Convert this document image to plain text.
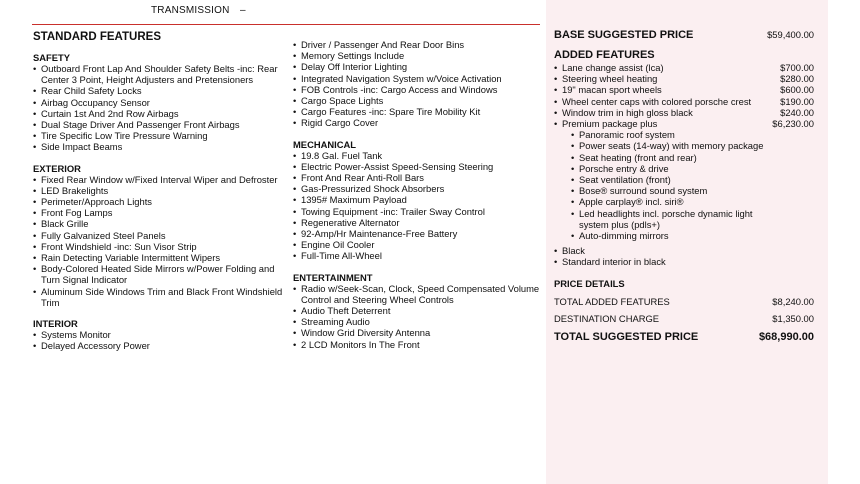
TRANSMISSION –
STANDARD FEATURES
SAFETY
• Outboard Front Lap And Shoulder Safety Belts -inc: Rear Center 3 Point, Height Adjusters and Pretensioners
• Rear Child Safety Locks
• Airbag Occupancy Sensor
• Curtain 1st And 2nd Row Airbags
• Dual Stage Driver And Passenger Front Airbags
• Tire Specific Low Tire Pressure Warning
• Side Impact Beams
EXTERIOR
• Fixed Rear Window w/Fixed Interval Wiper and Defroster
• LED Brakelights
• Perimeter/Approach Lights
• Front Fog Lamps
• Black Grille
• Fully Galvanized Steel Panels
• Front Windshield -inc: Sun Visor Strip
• Rain Detecting Variable Intermittent Wipers
• Body-Colored Heated Side Mirrors w/Power Folding and Turn Signal Indicator
• Aluminum Side Windows Trim and Black Front Windshield Trim
INTERIOR
• Systems Monitor
• Delayed Accessory Power
• Driver / Passenger And Rear Door Bins
• Memory Settings Include
• Delay Off Interior Lighting
• Integrated Navigation System w/Voice Activation
• FOB Controls -inc: Cargo Access and Windows
• Cargo Space Lights
• Cargo Features -inc: Spare Tire Mobility Kit
• Rigid Cargo Cover
MECHANICAL
• 19.8 Gal. Fuel Tank
• Electric Power-Assist Speed-Sensing Steering
• Front And Rear Anti-Roll Bars
• Gas-Pressurized Shock Absorbers
• 1395# Maximum Payload
• Towing Equipment -inc: Trailer Sway Control
• Regenerative Alternator
• 92-Amp/Hr Maintenance-Free Battery
• Engine Oil Cooler
• Full-Time All-Wheel
ENTERTAINMENT
• Radio w/Seek-Scan, Clock, Speed Compensated Volume Control and Steering Wheel Controls
• Audio Theft Deterrent
• Streaming Audio
• Window Grid Diversity Antenna
• 2 LCD Monitors In The Front
BASE SUGGESTED PRICE	$59,400.00
ADDED FEATURES
• Lane change assist (lca)	$700.00
• Steering wheel heating	$280.00
• 19" macan sport wheels	$600.00
• Wheel center caps with colored porsche crest	$190.00
• Window trim in high gloss black	$240.00
• Premium package plus	$6,230.00
• Panoramic roof system
• Power seats (14-way) with memory package
• Seat heating (front and rear)
• Porsche entry & drive
• Seat ventilation (front)
• Bose® surround sound system
• Apple carplay® incl. siri®
• Led headlights incl. porsche dynamic light system plus (pdls+)
• Auto-dimming mirrors
• Black
• Standard interior in black
PRICE DETAILS
TOTAL ADDED FEATURES	$8,240.00
DESTINATION CHARGE	$1,350.00
TOTAL SUGGESTED PRICE	$68,990.00
